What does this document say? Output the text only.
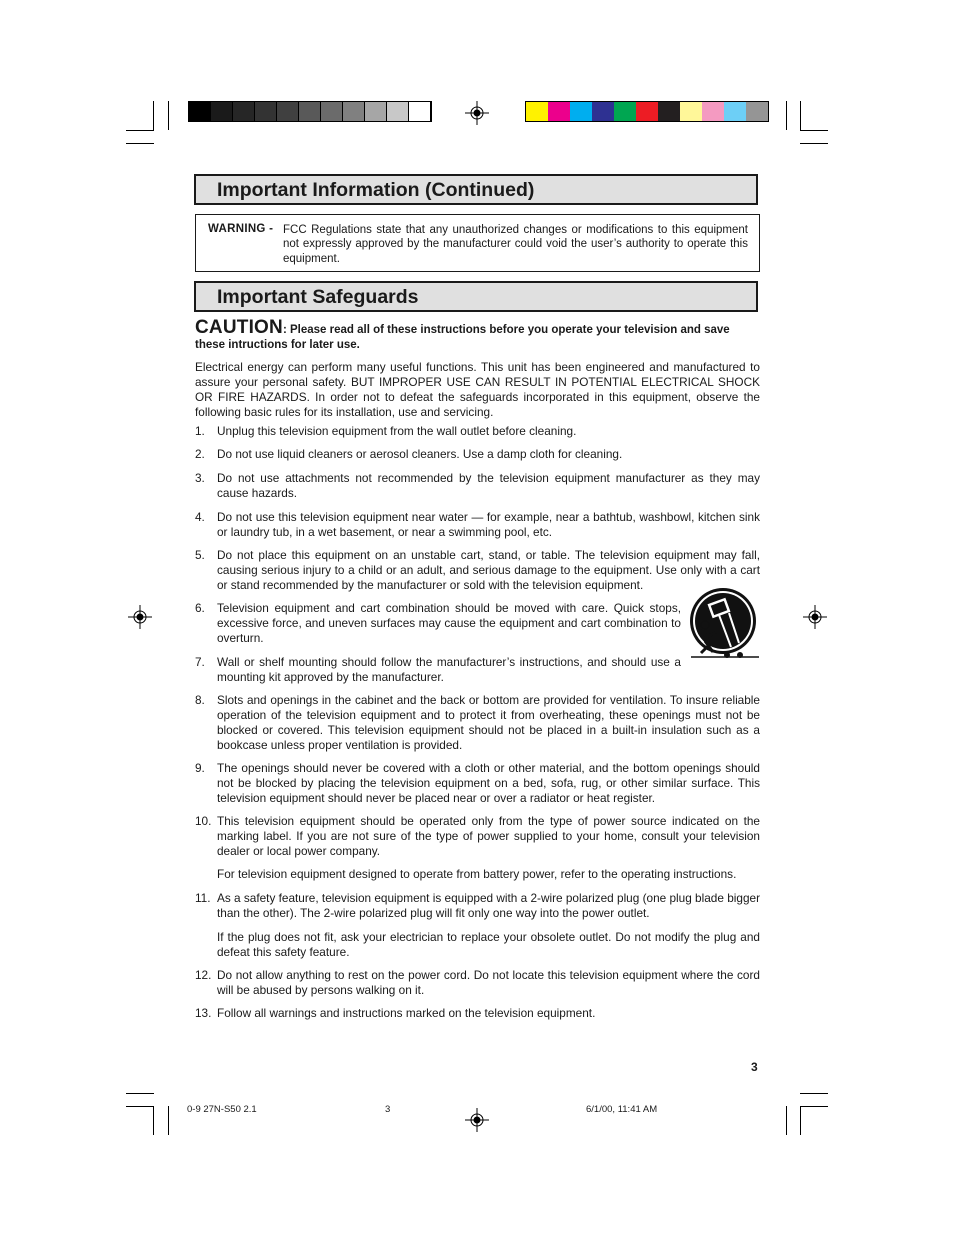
Important Information (Continued)
WARNING - FCC Regulations state that any unauthorized changes or modifications to this equipment not expressly approved by the manufacturer could void the user’s authority to operate this equipment.
Important Safeguards
CAUTION: Please read all of these instructions before you operate your television and save these intructions for later use.
Electrical energy can perform many useful functions. This unit has been engineered and manufactured to assure your personal safety. BUT IMPROPER USE CAN RESULT IN POTENTIAL ELECTRICAL SHOCK OR FIRE HAZARDS. In order not to defeat the safeguards incorporated in this equipment, observe the following basic rules for its installation, use and servicing.
1. Unplug this television equipment from the wall outlet before cleaning.
2. Do not use liquid cleaners or aerosol cleaners. Use a damp cloth for cleaning.
3. Do not use attachments not recommended by the television equipment manufacturer as they may cause hazards.
4. Do not use this television equipment near water — for example, near a bathtub, washbowl, kitchen sink or laundry tub, in a wet basement, or near a swimming pool, etc.
5. Do not place this equipment on an unstable cart, stand, or table. The television equipment may fall, causing serious injury to a child or an adult, and serious damage to the equipment. Use only with a cart or stand recommended by the manufacturer or sold with the television equipment.
6. Television equipment and cart combination should be moved with care. Quick stops, excessive force, and uneven surfaces may cause the equipment and cart combination to overturn.
7. Wall or shelf mounting should follow the manufacturer’s instructions, and should use a mounting kit approved by the manufacturer.
8. Slots and openings in the cabinet and the back or bottom are provided for ventilation. To insure reliable operation of the television equipment and to protect it from overheating, these openings must not be blocked or covered. This television equipment should not be placed in a built-in insulation such as a bookcase unless proper ventilation is provided.
9. The openings should never be covered with a cloth or other material, and the bottom openings should not be blocked by placing the television equipment on a bed, sofa, rug, or other similar surface. This television equipment should never be placed near or over a radiator or heat register.
10. This television equipment should be operated only from the type of power source indicated on the marking label. If you are not sure of the type of power supplied to your home, consult your television dealer or local power company.
For television equipment designed to operate from battery power, refer to the operating instructions.
11. As a safety feature, television equipment is equipped with a 2-wire polarized plug (one plug blade bigger than the other). The 2-wire polarized plug will fit only one way into the power outlet.
If the plug does not fit, ask your electrician to replace your obsolete outlet. Do not modify the plug and defeat this safety feature.
12. Do not allow anything to rest on the power cord. Do not locate this television equipment where the cord will be abused by persons walking on it.
13. Follow all warnings and instructions marked on the television equipment.
3
0-9 27N-S50 2.1	3	6/1/00, 11:41 AM
